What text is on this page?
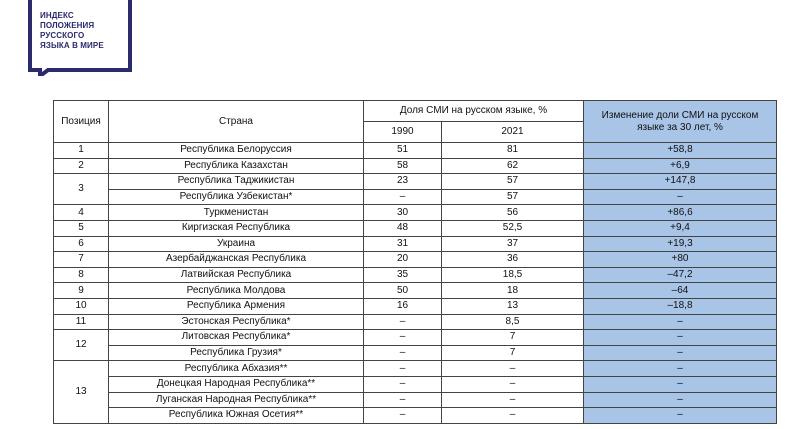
ИНДЕКС
ПОЛОЖЕНИЯ
РУССКОГО
ЯЗЫКА В МИРЕ
Позиция	Страна	Доля СМИ на русском языке, %		Изменение доли СМИ на русском языке за 30 лет, %
		1990	2021	
1	Республика Белоруссия	51	81	+58,8
2	Республика Казахстан	58	62	+6,9
3	Республика Таджикистан	23	57	+147,8
	Республика Узбекистан*	–	57	–
4	Туркменистан	30	56	+86,6
5	Киргизская Республика	48	52,5	+9,4
6	Украина	31	37	+19,3
7	Азербайджанская Республика	20	36	+80
8	Латвийская Республика	35	18,5	–47,2
9	Республика Молдова	50	18	–64
10	Республика Армения	16	13	–18,8
11	Эстонская Республика*	–	8,5	–
12	Литовская Республика*	–	7	–
	Республика Грузия*	–	7	–
13	Республика Абхазия**	–	–	–
	Донецкая Народная Республика**	–	–	–
	Луганская Народная Республика**	–	–	–
	Республика Южная Осетия**	–	–	–
